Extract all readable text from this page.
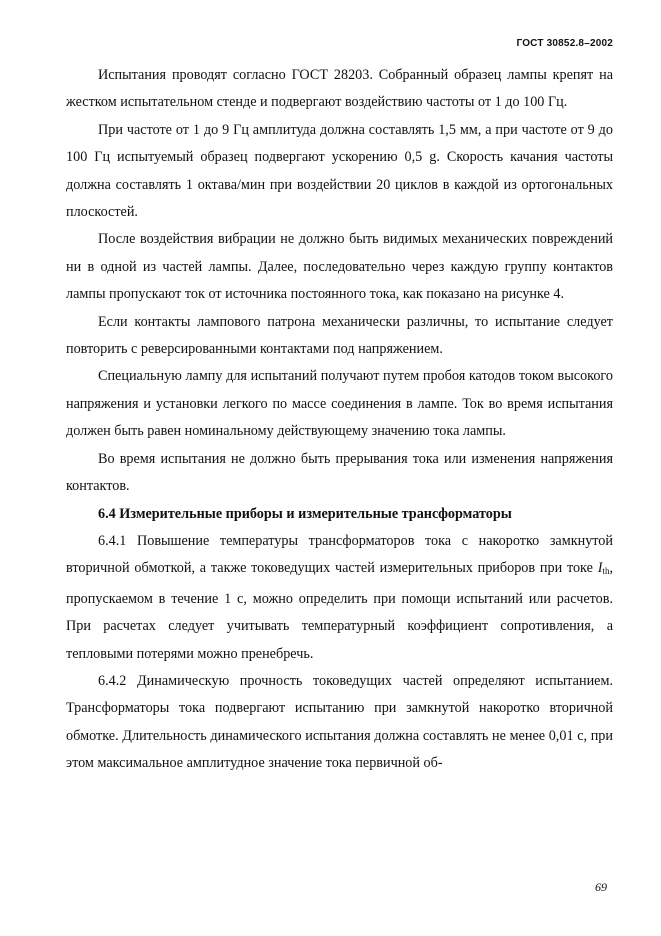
ГОСТ 30852.8–2002

Испытания проводят согласно ГОСТ 28203. Собранный образец лампы крепят на жестком испытательном стенде и подвергают воздействию частоты от 1 до 100 Гц.

При частоте от 1 до 9 Гц амплитуда должна составлять 1,5 мм, а при частоте от 9 до 100 Гц испытуемый образец подвергают ускорению 0,5 g. Скорость качания частоты должна составлять 1 октава/мин при воздействии 20 циклов в каждой из ортогональных плоскостей.

После воздействия вибрации не должно быть видимых механических повреждений ни в одной из частей лампы. Далее, последовательно через каждую группу контактов лампы пропускают ток от источника постоянного тока, как показано на рисунке 4.

Если контакты лампового патрона механически различны, то испытание следует повторить с реверсированными контактами под напряжением.

Специальную лампу для испытаний получают путем пробоя катодов током высокого напряжения и установки легкого по массе соединения в лампе. Ток во время испытания должен быть равен номинальному действующему значению тока лампы.

Во время испытания не должно быть прерывания тока или изменения напряжения контактов.

6.4 Измерительные приборы и измерительные трансформаторы

6.4.1 Повышение температуры трансформаторов тока с накоротко замкнутой вторичной обмоткой, а также токоведущих частей измерительных приборов при токе $I_{th}$, пропускаемом в течение 1 с, можно определить при помощи испытаний или расчетов. При расчетах следует учитывать температурный коэффициент сопротивления, а тепловыми потерями можно пренебречь.

6.4.2 Динамическую прочность токоведущих частей определяют испытанием. Трансформаторы тока подвергают испытанию при замкнутой накоротко вторичной обмотке. Длительность динамического испытания должна составлять не менее 0,01 с, при этом максимальное амплитудное значение тока первичной об-

69
